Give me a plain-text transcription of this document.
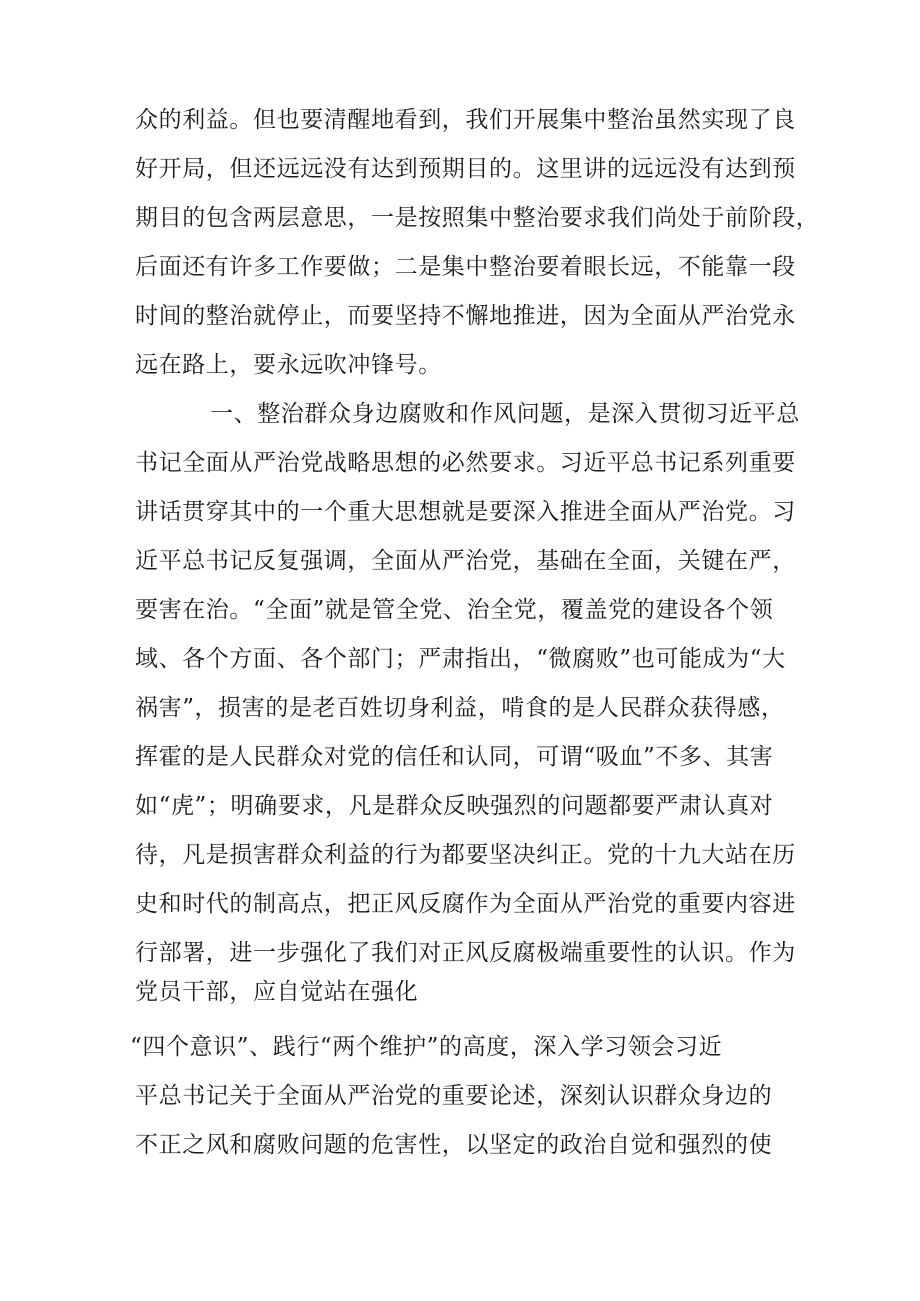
众的利益。但也要清醒地看到，我们开展集中整治虽然实现了良
好开局，但还远远没有达到预期目的。这里讲的远远没有达到预
期目的包含两层意思，一是按照集中整治要求我们尚处于前阶段，
后面还有许多工作要做；二是集中整治要着眼长远，不能靠一段
时间的整治就停止，而要坚持不懈地推进，因为全面从严治党永
远在路上，要永远吹冲锋号。
一、整治群众身边腐败和作风问题，是深入贯彻习近平总
书记全面从严治党战略思想的必然要求。习近平总书记系列重要
讲话贯穿其中的一个重大思想就是要深入推进全面从严治党。习
近平总书记反复强调，全面从严治党，基础在全面，关键在严，
要害在治。“全面”就是管全党、治全党，覆盖党的建设各个领
域、各个方面、各个部门；严肃指出，“微腐败”也可能成为“大
祸害”，损害的是老百姓切身利益，啃食的是人民群众获得感，
挥霍的是人民群众对党的信任和认同，可谓“吸血”不多、其害
如“虎”；明确要求，凡是群众反映强烈的问题都要严肃认真对
待，凡是损害群众利益的行为都要坚决纠正。党的十九大站在历
史和时代的制高点，把正风反腐作为全面从严治党的重要内容进
行部署，进一步强化了我们对正风反腐极端重要性的认识。作为
党员干部，应自觉站在强化
“四个意识”、践行“两个维护”的高度，深入学习领会习近
平总书记关于全面从严治党的重要论述，深刻认识群众身边的
不正之风和腐败问题的危害性，以坚定的政治自觉和强烈的使
